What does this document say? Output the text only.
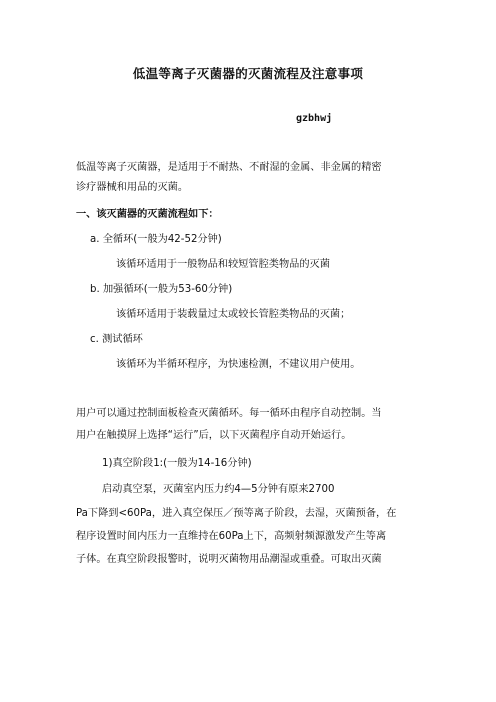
低温等离子灭菌器的灭菌流程及注意事项
gzbhwj
低温等离子灭菌器，是适用于不耐热、不耐湿的金属、非金属的精密
诊疗器械和用品的灭菌。
一、该灭菌器的灭菌流程如下：
a. 全循环(一般为42-52分钟)
该循环适用于一般物品和较短管腔类物品的灭菌
b. 加强循环(一般为53-60分钟)
该循环适用于装载量过太或较长管腔类物品的灭菌；
c. 测试循环
该循环为半循环程序，为快速检测，不建议用户使用。
用户可以通过控制面板检查灭菌循环。每一循环由程序自动控制。当
用户在触摸屏上选择“运行”后，以下灭菌程序自动开始运行。
1)真空阶段1:(一般为14-16分钟)
启动真空泵，灭菌室内压力约4—5分钟有原来2700
Pa下降到<60Pa，进入真空保压／预等离子阶段，去湿，灭菌预备，在
程序设置时间内压力一直维持在60Pa上下，高频射频源激发产生等离
子体。在真空阶段报警时，说明灭菌物用品潮湿或重叠。可取出灭菌
